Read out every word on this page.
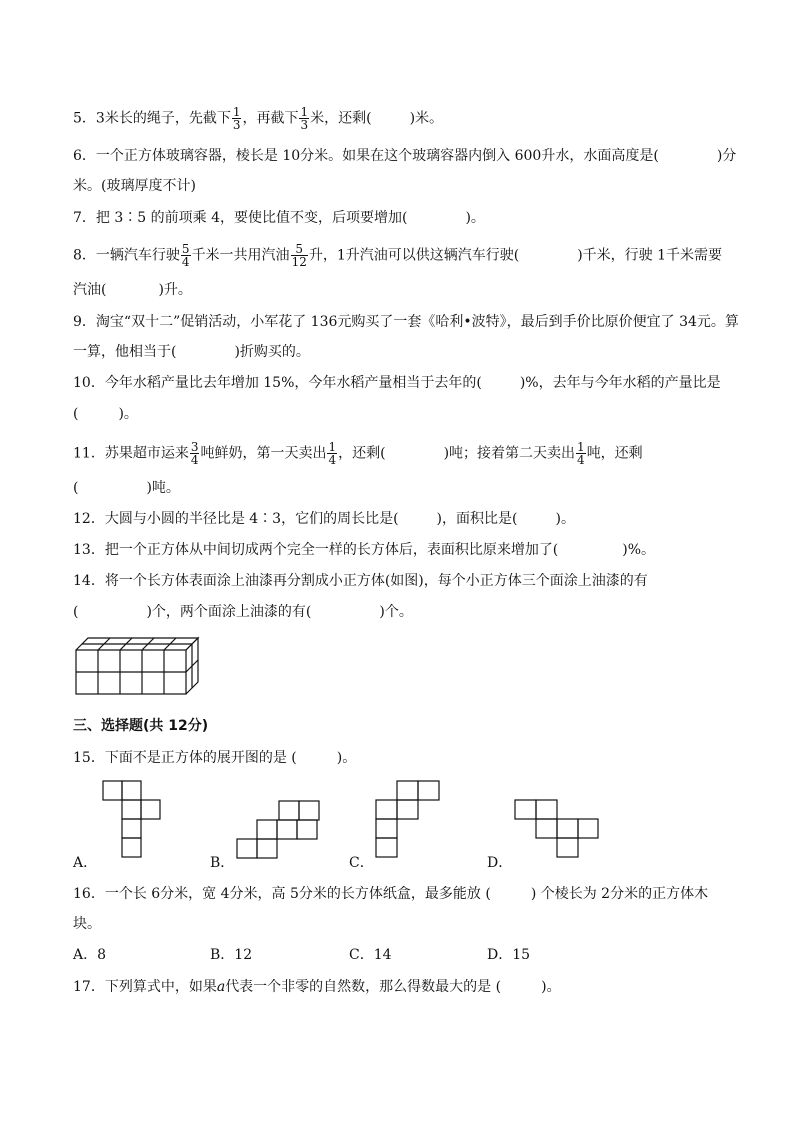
5．3米长的绳子，先截下 $\frac{1}{3}$ ，再截下 $\frac{1}{3}$ 米，还剩(	)米。
6．一个正方体玻璃容器，棱长是 10分米。如果在这个玻璃容器内倒入 600升水，水面高度是(	)分
米。(玻璃厚度不计)
7．把 3∶5 的前项乘 4，要使比值不变，后项要增加(	)。
8．一辆汽车行驶 $\frac{5}{4}$ 千米一共用汽油 $\frac{5}{12}$ 升，1升汽油可以供这辆汽车行驶(	)千米，行驶 1千米需要
汽油(	)升。
9．淘宝“双十二”促销活动，小军花了 136元购买了一套《哈利•波特》，最后到手价比原价便宜了 34元。算
一算，他相当于(	)折购买的。
10．今年水稻产量比去年增加 15%，今年水稻产量相当于去年的(	)%，去年与今年水稻的产量比是
(	)。
11．苏果超市运来 $\frac{3}{4}$ 吨鲜奶，第一天卖出 $\frac{1}{4}$ ，还剩(	)吨；接着第二天卖出 $\frac{1}{4}$ 吨，还剩
(	)吨。
12．大圆与小圆的半径比是 4∶3，它们的周长比是(	)，面积比是(	)。
13．把一个正方体从中间切成两个完全一样的长方体后，表面积比原来增加了(	)%。
14．将一个长方体表面涂上油漆再分割成小正方体(如图)，每个小正方体三个面涂上油漆的有
(	)个，两个面涂上油漆的有(	)个。
三、选择题(共 12分)
15．下面不是正方体的展开图的是 (	)。
A．	B．	C．	D．
16．一个长 6分米，宽 4分米，高 5分米的长方体纸盒，最多能放 (	) 个棱长为 2分米的正方体木
块。
A．8	B．12	C．14	D．15
17．下列算式中，如果a代表一个非零的自然数，那么得数最大的是 (	)。
